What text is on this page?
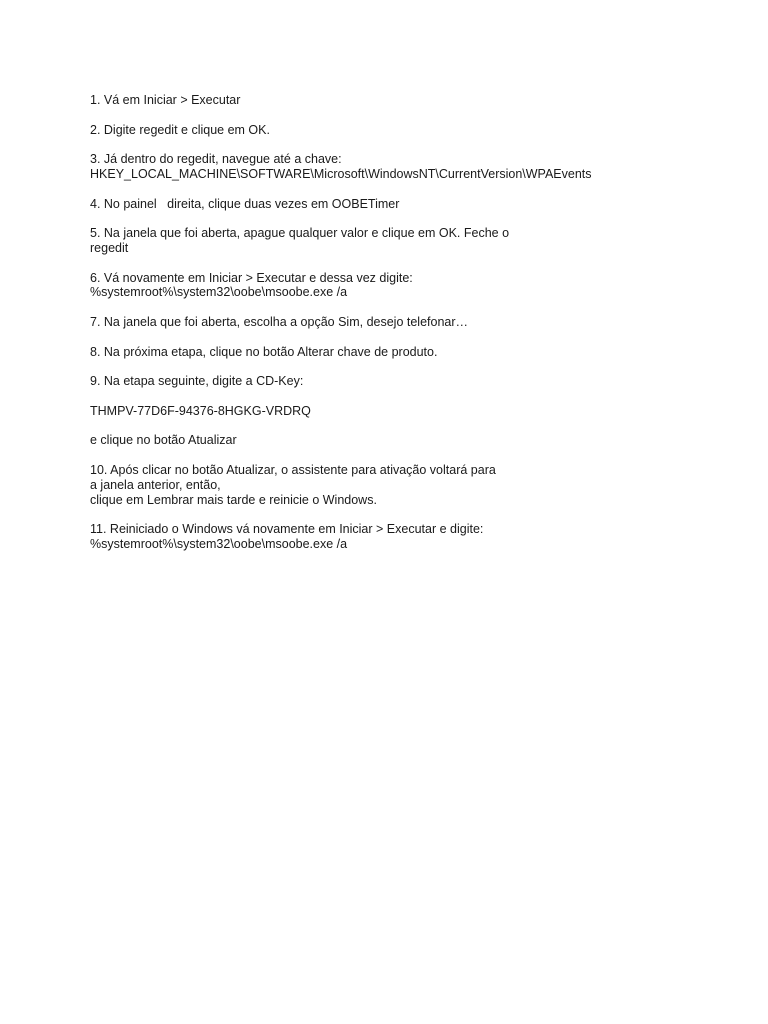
1. Vá em Iniciar > Executar

2. Digite regedit e clique em OK.

3. Já dentro do regedit, navegue até a chave:
HKEY_LOCAL_MACHINE\SOFTWARE\Microsoft\WindowsNT\CurrentVersion\WPAEvents

4. No painel   direita, clique duas vezes em OOBETimer

5. Na janela que foi aberta, apague qualquer valor e clique em OK. Feche o
regedit

6. Vá novamente em Iniciar > Executar e dessa vez digite:
%systemroot%\system32\oobe\msoobe.exe /a

7. Na janela que foi aberta, escolha a opção Sim, desejo telefonar…

8. Na próxima etapa, clique no botão Alterar chave de produto.

9. Na etapa seguinte, digite a CD-Key:

THMPV-77D6F-94376-8HGKG-VRDRQ

e clique no botão Atualizar

10. Após clicar no botão Atualizar, o assistente para ativação voltará para
a janela anterior, então,
clique em Lembrar mais tarde e reinicie o Windows.

11. Reiniciado o Windows vá novamente em Iniciar > Executar e digite:
%systemroot%\system32\oobe\msoobe.exe /a
